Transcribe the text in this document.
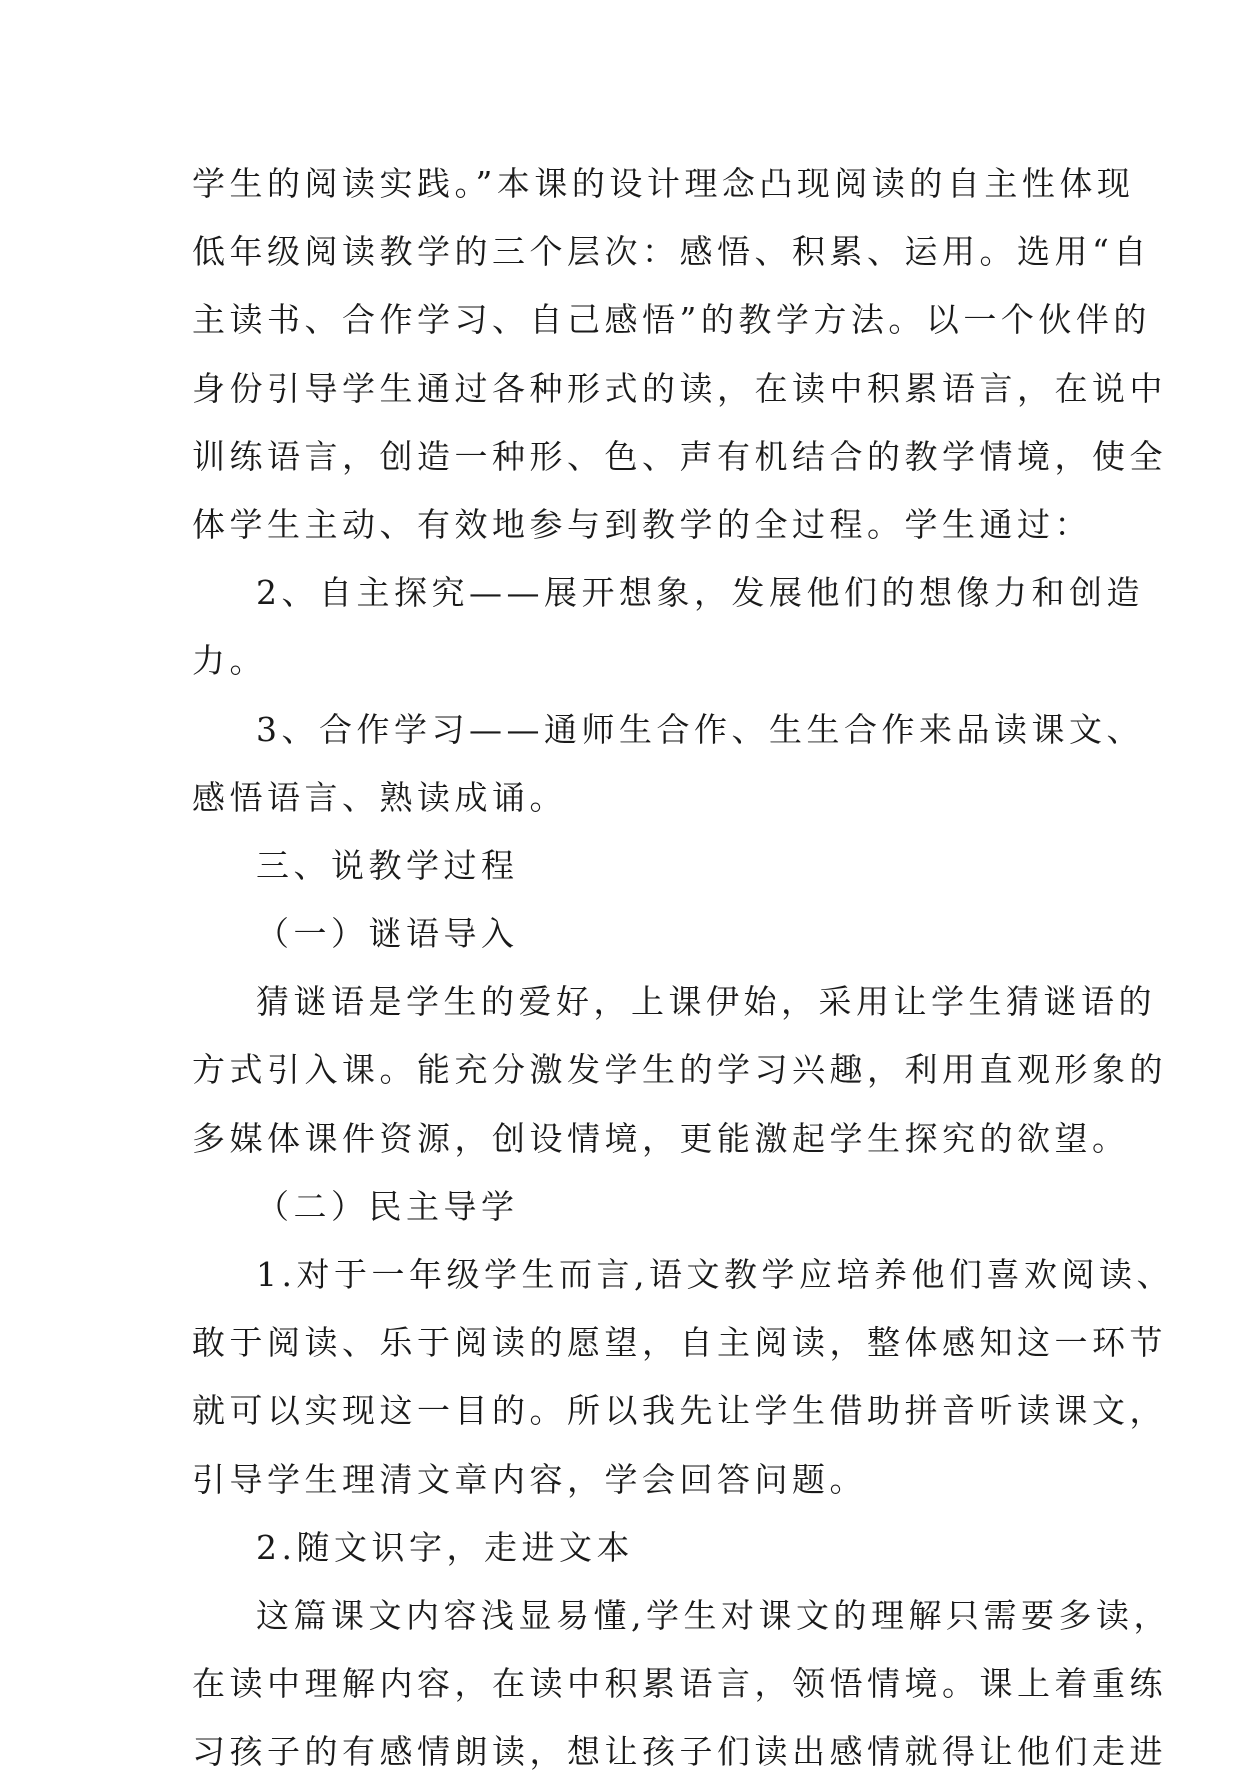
学生的阅读实践。”本课的设计理念凸现阅读的自主性体现
低年级阅读教学的三个层次：感悟、积累、运用。选用“自
主读书、合作学习、自己感悟”的教学方法。以一个伙伴的
身份引导学生通过各种形式的读，在读中积累语言，在说中
训练语言，创造一种形、色、声有机结合的教学情境，使全
体学生主动、有效地参与到教学的全过程。学生通过：
2、自主探究——展开想象，发展他们的想像力和创造
力。
3、合作学习——通师生合作、生生合作来品读课文、
感悟语言、熟读成诵。
三、说教学过程
（一）谜语导入
猜谜语是学生的爱好，上课伊始，采用让学生猜谜语的
方式引入课。能充分激发学生的学习兴趣，利用直观形象的
多媒体课件资源，创设情境，更能激起学生探究的欲望。
（二）民主导学
1.对于一年级学生而言,语文教学应培养他们喜欢阅读、
敢于阅读、乐于阅读的愿望，自主阅读，整体感知这一环节
就可以实现这一目的。所以我先让学生借助拼音听读课文，
引导学生理清文章内容，学会回答问题。
2.随文识字，走进文本
这篇课文内容浅显易懂,学生对课文的理解只需要多读，
在读中理解内容，在读中积累语言，领悟情境。课上着重练
习孩子的有感情朗读，想让孩子们读出感情就得让他们走进
